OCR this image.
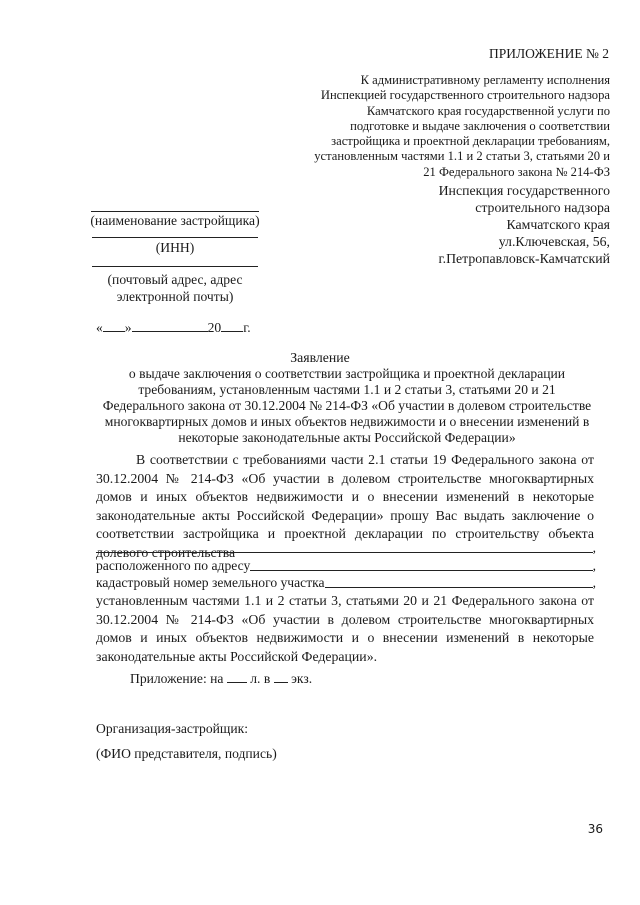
ПРИЛОЖЕНИЕ № 2
К административному регламенту исполнения Инспекцией государственного строительного надзора Камчатского края государственной услуги по подготовке и выдаче заключения о соответствии застройщика и проектной декларации требованиям, установленным частями 1.1 и 2 статьи 3, статьями 20 и 21 Федерального закона № 214-ФЗ
Инспекция государственного
строительного надзора
Камчатского края
ул.Ключевская, 56,
г.Петропавловск-Камчатский
(наименование застройщика)
(ИНН)
(почтовый адрес, адрес
электронной почты)
« »	20 г.
Заявление
о выдаче заключения о соответствии застройщика и проектной декларации требованиям, установленным частями 1.1 и 2 статьи 3, статьями 20 и 21 Федерального закона от 30.12.2004 № 214-ФЗ «Об участии в долевом строительстве многоквартирных домов и иных объектов недвижимости и о внесении изменений в некоторые законодательные акты Российской Федерации»
В соответствии с требованиями части 2.1 статьи 19 Федерального закона от 30.12.2004 № 214-ФЗ «Об участии в долевом строительстве многоквартирных домов и иных объектов недвижимости и о внесении изменений в некоторые законодательные акты Российской Федерации» прошу Вас выдать заключение о соответствии застройщика и проектной декларации по строительству объекта долевого строительства	,
расположенного по адресу	,
кадастровый номер земельного участка	,
установленным частями 1.1 и 2 статьи 3, статьями 20 и 21 Федерального закона от 30.12.2004 № 214-ФЗ «Об участии в долевом строительстве многоквартирных домов и иных объектов недвижимости и о внесении изменений в некоторые законодательные акты Российской Федерации».
Приложение: на л. в экз.
Организация-застройщик:
(ФИО представителя, подпись)
36
